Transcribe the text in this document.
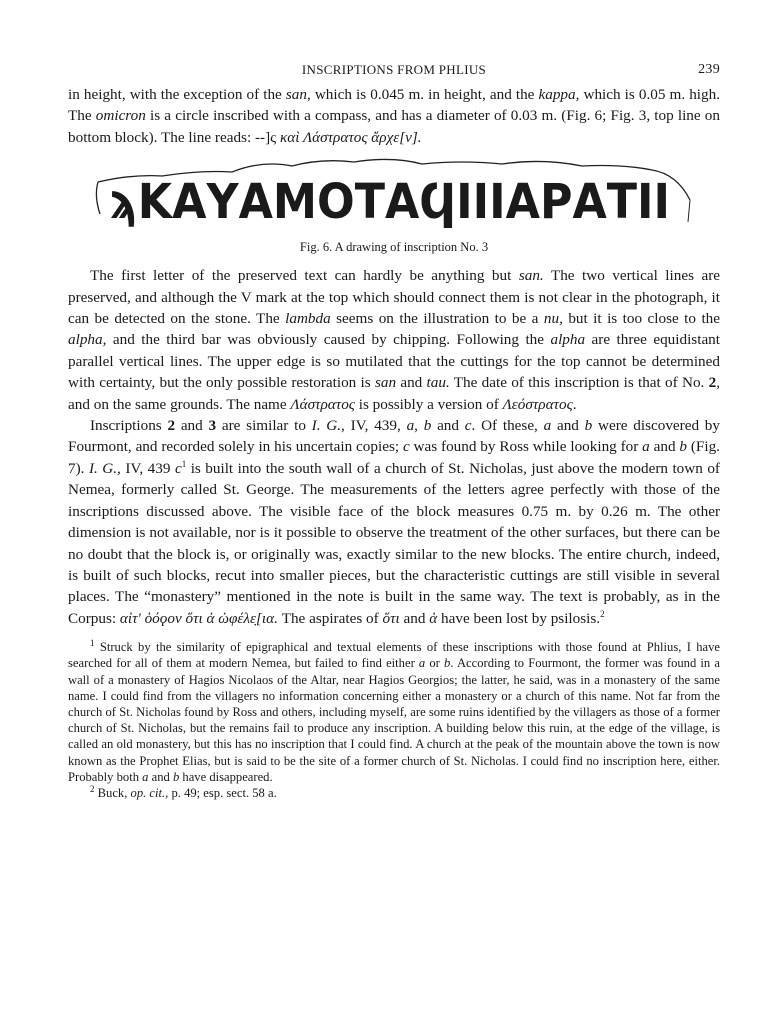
INSCRIPTIONS FROM PHLIUS	239

in height, with the exception of the san, which is 0.045 m. in height, and the kappa, which is 0.05 m. high. The omicron is a circle inscribed with a compass, and has a diameter of 0.03 m. (Fig. 6; Fig. 3, top line on bottom block). The line reads: --]ς καὶ Λάστρατος ἄρχε[ν].

ϡΚΑΥΑΜΟΤΑϤΙΙΙΑΡΑΤΙΙ
Fig. 6. A drawing of inscription No. 3

The first letter of the preserved text can hardly be anything but san. The two vertical lines are preserved, and although the V mark at the top which should connect them is not clear in the photograph, it can be detected on the stone. The lambda seems on the illustration to be a nu, but it is too close to the alpha, and the third bar was obviously caused by chipping. Following the alpha are three equidistant parallel vertical lines. The upper edge is so mutilated that the cuttings for the top cannot be determined with certainty, but the only possible restoration is san and tau. The date of this inscription is that of No. 2, and on the same grounds. The name Λάστρατος is possibly a version of Λεόστρατος.

Inscriptions 2 and 3 are similar to I. G., IV, 439, a, b and c. Of these, a and b were discovered by Fourmont, and recorded solely in his uncertain copies; c was found by Ross while looking for a and b (Fig. 7). I. G., IV, 439 $c^1$ is built into the south wall of a church of St. Nicholas, just above the modern town of Nemea, formerly called St. George. The measurements of the letters agree perfectly with those of the inscriptions discussed above. The visible face of the block measures 0.75 m. by 0.26 m. The other dimension is not available, nor is it possible to observe the treatment of the other surfaces, but there can be no doubt that the block is, or originally was, exactly similar to the new blocks. The entire church, indeed, is built of such blocks, recut into smaller pieces, but the characteristic cuttings are still visible in several places. The “monastery” mentioned in the note is built in the same way. The text is probably, as in the Corpus: αἰτ' ὁόϙον ὅτι ἀ ὠφέλε̣[ια. The aspirates of ὅτι and ἁ have been lost by psilosis.$^2$

$^1$ Struck by the similarity of epigraphical and textual elements of these inscriptions with those found at Phlius, I have searched for all of them at modern Nemea, but failed to find either a or b. According to Fourmont, the former was found in a wall of a monastery of Hagios Nicolaos of the Altar, near Hagios Georgios; the latter, he said, was in a monastery of the same name. I could find from the villagers no information concerning either a monastery or a church of this name. Not far from the church of St. Nicholas found by Ross and others, including myself, are some ruins identified by the villagers as those of a former church of St. Nicholas, but the remains fail to produce any inscription. A building below this ruin, at the edge of the village, is called an old monastery, but this has no inscription that I could find. A church at the peak of the mountain above the town is now known as the Prophet Elias, but is said to be the site of a former church of St. Nicholas. I could find no inscription here, either. Probably both a and b have disappeared.

$^2$ Buck, op. cit., p. 49; esp. sect. 58 a.
